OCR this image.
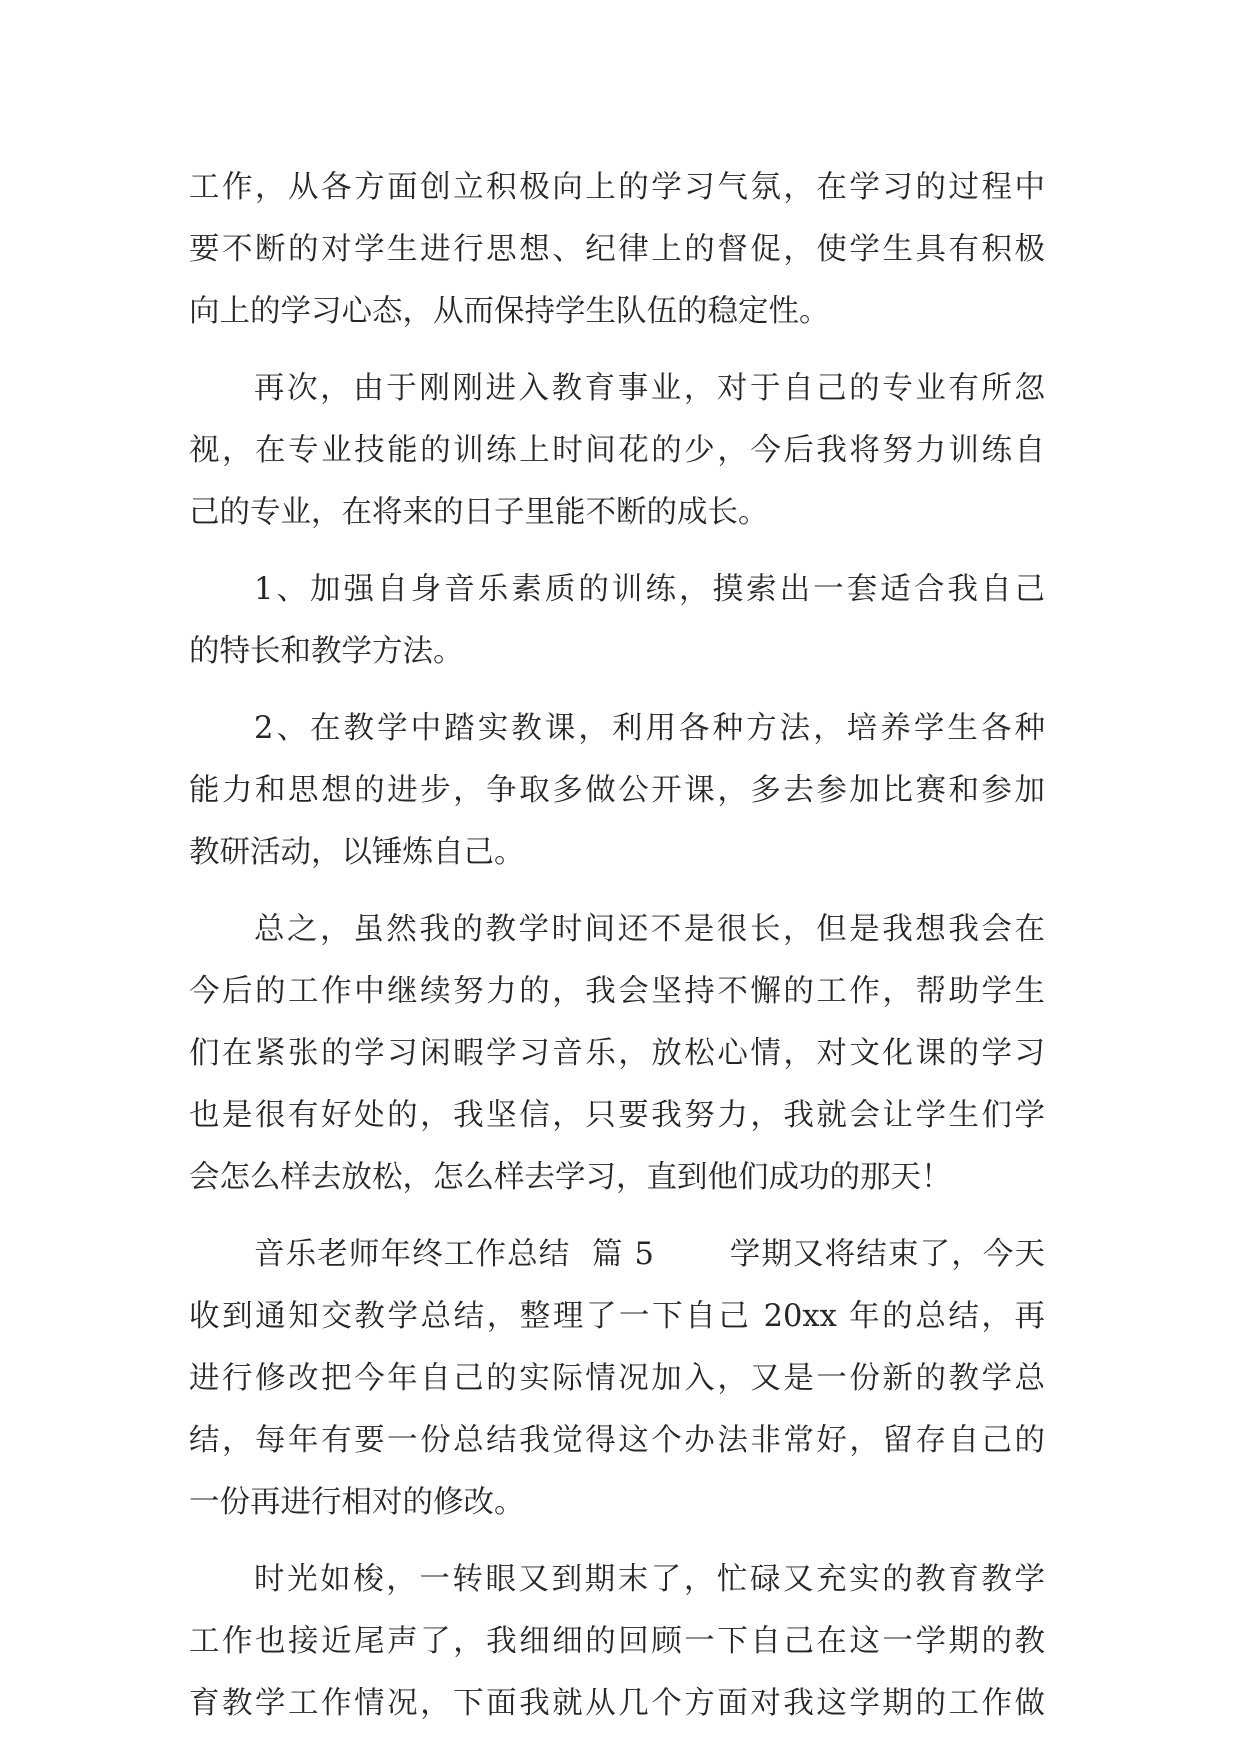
工作，从各方面创立积极向上的学习气氛，在学习的过程中
要不断的对学生进行思想、纪律上的督促，使学生具有积极
向上的学习心态，从而保持学生队伍的稳定性。
再次，由于刚刚进入教育事业，对于自己的专业有所忽
视，在专业技能的训练上时间花的少，今后我将努力训练自
己的专业，在将来的日子里能不断的成长。
1、加强自身音乐素质的训练，摸索出一套适合我自己
的特长和教学方法。
2、在教学中踏实教课，利用各种方法，培养学生各种
能力和思想的进步，争取多做公开课，多去参加比赛和参加
教研活动，以锤炼自己。
总之，虽然我的教学时间还不是很长，但是我想我会在
今后的工作中继续努力的，我会坚持不懈的工作，帮助学生
们在紧张的学习闲暇学习音乐，放松心情，对文化课的学习
也是很有好处的，我坚信，只要我努力，我就会让学生们学
会怎么样去放松，怎么样去学习，直到他们成功的那天！
音乐老师年终工作总结  篇 5       学期又将结束了，今天
收到通知交教学总结，整理了一下自己 20xx 年的总结，再
进行修改把今年自己的实际情况加入，又是一份新的教学总
结，每年有要一份总结我觉得这个办法非常好，留存自己的
一份再进行相对的修改。
时光如梭，一转眼又到期末了，忙碌又充实的教育教学
工作也接近尾声了，我细细的回顾一下自己在这一学期的教
育教学工作情况，下面我就从几个方面对我这学期的工作做
